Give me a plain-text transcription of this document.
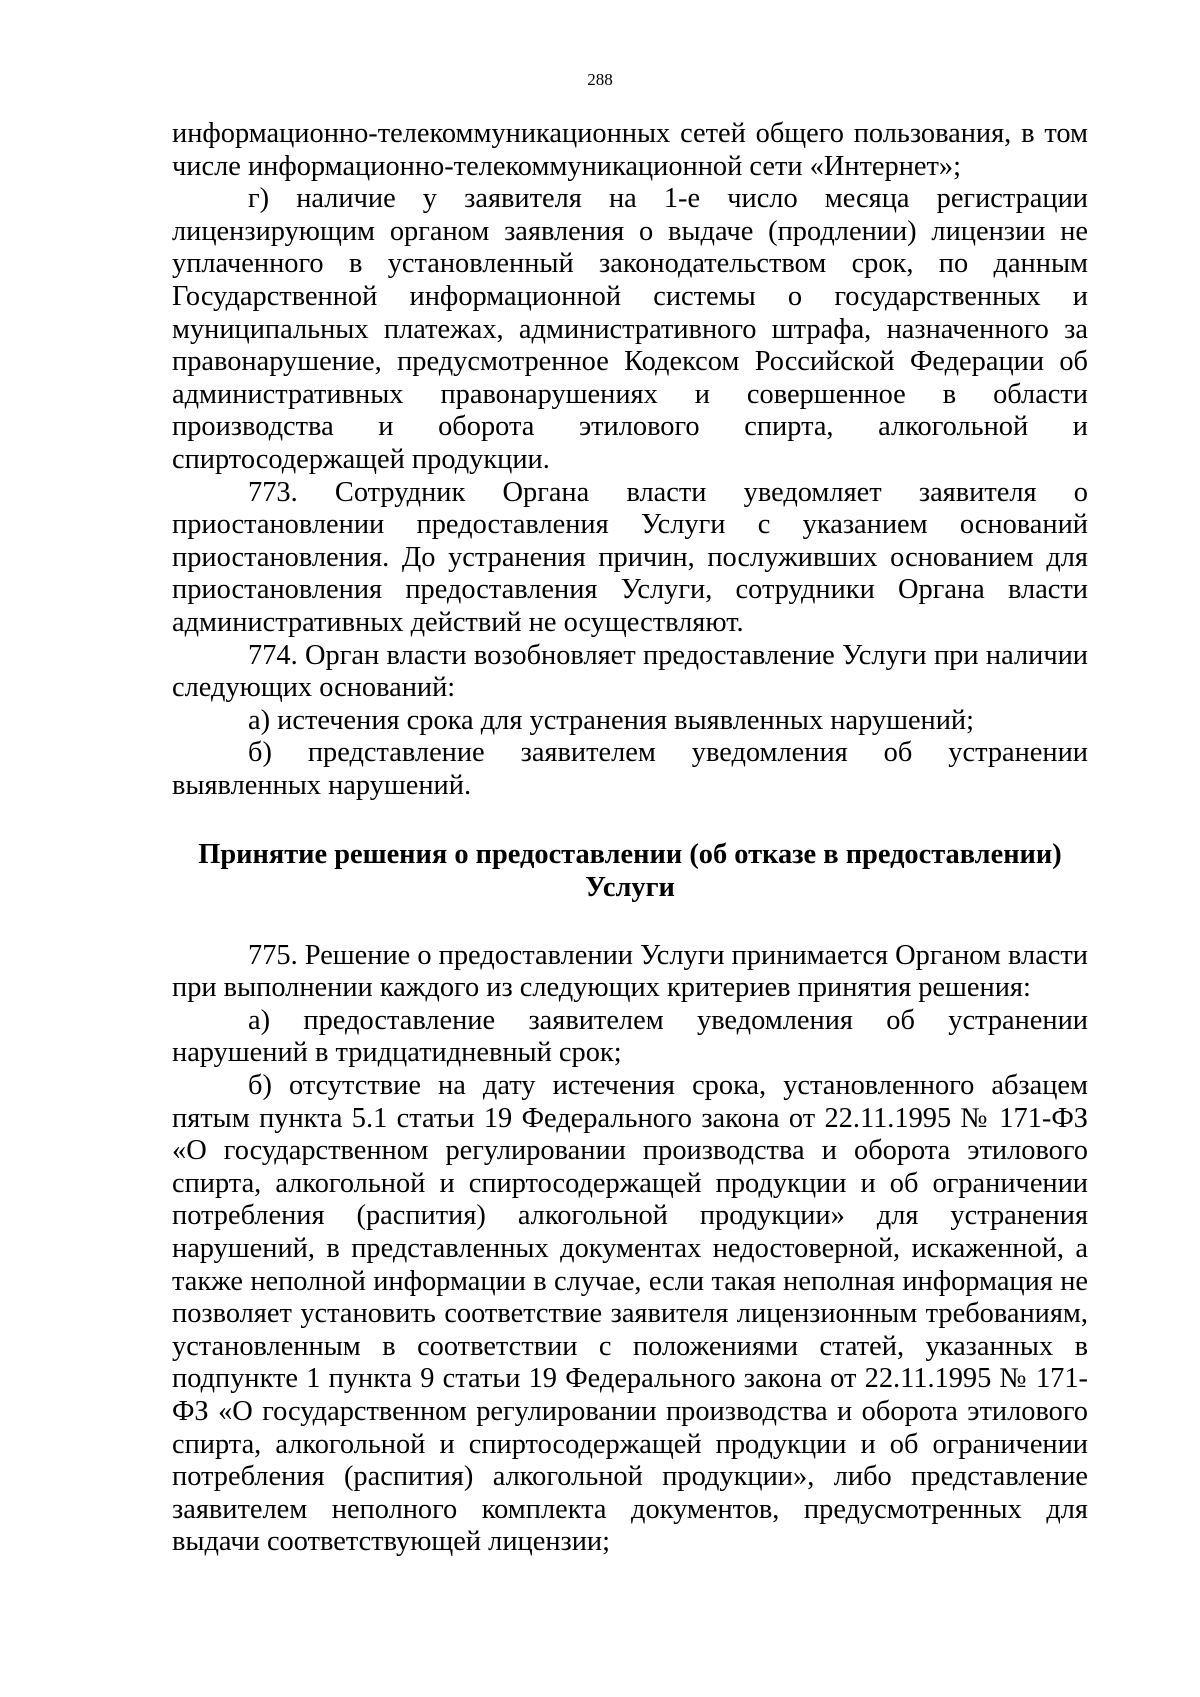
288

информационно-телекоммуникационных сетей общего пользования, в том числе информационно-телекоммуникационной сети «Интернет»;

г) наличие у заявителя на 1-е число месяца регистрации лицензирующим органом заявления о выдаче (продлении) лицензии не уплаченного в установленный законодательством срок, по данным Государственной информационной системы о государственных и муниципальных платежах, административного штрафа, назначенного за правонарушение, предусмотренное Кодексом Российской Федерации об административных правонарушениях и совершенное в области производства и оборота этилового спирта, алкогольной и спиртосодержащей продукции.

773. Сотрудник Органа власти уведомляет заявителя о приостановлении предоставления Услуги с указанием оснований приостановления. До устранения причин, послуживших основанием для приостановления предоставления Услуги, сотрудники Органа власти административных действий не осуществляют.

774. Орган власти возобновляет предоставление Услуги при наличии следующих оснований:

а) истечения срока для устранения выявленных нарушений;

б) представление заявителем уведомления об устранении выявленных нарушений.

Принятие решения о предоставлении (об отказе в предоставлении)
Услуги

775. Решение о предоставлении Услуги принимается Органом власти при выполнении каждого из следующих критериев принятия решения:

а) предоставление заявителем уведомления об устранении нарушений в тридцатидневный срок;

б) отсутствие на дату истечения срока, установленного абзацем пятым пункта 5.1 статьи 19 Федерального закона от 22.11.1995 № 171-ФЗ «О государственном регулировании производства и оборота этилового спирта, алкогольной и спиртосодержащей продукции и об ограничении потребления (распития) алкогольной продукции» для устранения нарушений, в представленных документах недостоверной, искаженной, а также неполной информации в случае, если такая неполная информация не позволяет установить соответствие заявителя лицензионным требованиям, установленным в соответствии с положениями статей, указанных в подпункте 1 пункта 9 статьи 19 Федерального закона от 22.11.1995 № 171-ФЗ «О государственном регулировании производства и оборота этилового спирта, алкогольной и спиртосодержащей продукции и об ограничении потребления (распития) алкогольной продукции», либо представление заявителем неполного комплекта документов, предусмотренных для выдачи соответствующей лицензии;
